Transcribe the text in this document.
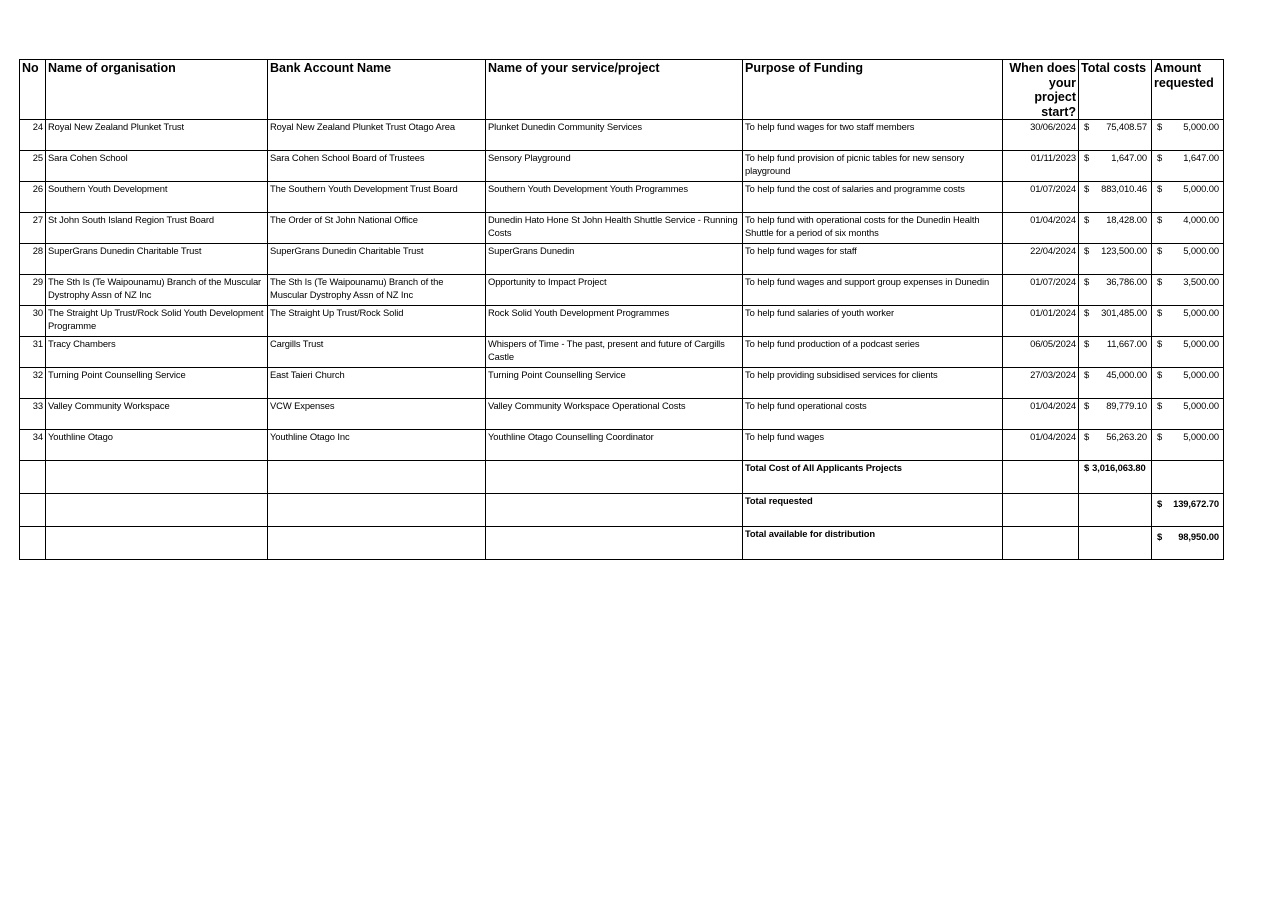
No	Name of organisation	Bank Account Name	Name of your service/project	Purpose of Funding	When does your project start?	Total costs	Amount requested
24	Royal New Zealand Plunket Trust	Royal New Zealand Plunket Trust Otago Area	Plunket Dunedin Community Services	To help fund wages for two staff members	30/06/2024	$ 75,408.57	$ 5,000.00

25	Sara Cohen School	Sara Cohen School Board of Trustees	Sensory Playground	To help fund provision of picnic tables for new sensory playground	01/11/2023	$ 1,647.00	$ 1,647.00

26	Southern Youth Development	The Southern Youth Development Trust Board	Southern Youth Development Youth Programmes	To help fund the cost of salaries and programme costs	01/07/2024	$ 883,010.46	$ 5,000.00

27	St John South Island Region Trust Board	The Order of St John National Office	Dunedin Hato Hone St John Health Shuttle Service - Running Costs	To help fund with operational costs for the Dunedin Health Shuttle for a period of six months	01/04/2024	$ 18,428.00	$ 4,000.00

28	SuperGrans Dunedin Charitable Trust	SuperGrans Dunedin Charitable Trust	SuperGrans Dunedin	To help fund wages for staff	22/04/2024	$ 123,500.00	$ 5,000.00

29	The Sth Is (Te Waipounamu) Branch of the Muscular Dystrophy Assn of NZ Inc	The Sth Is (Te Waipounamu) Branch of the Muscular Dystrophy Assn of NZ Inc	Opportunity to Impact Project	To help fund wages and support group expenses in Dunedin	01/07/2024	$ 36,786.00	$ 3,500.00

30	The Straight Up Trust/Rock Solid Youth Development Programme	The Straight Up Trust/Rock Solid	Rock Solid Youth Development Programmes	To help fund salaries of youth worker	01/01/2024	$ 301,485.00	$ 5,000.00

31	Tracy Chambers	Cargills Trust	Whispers of Time - The past, present and future of Cargills Castle	To help fund production of a podcast series	06/05/2024	$ 11,667.00	$ 5,000.00

32	Turning Point Counselling Service	East Taieri Church	Turning Point Counselling Service	To help providing subsidised services for clients	27/03/2024	$ 45,000.00	$ 5,000.00

33	Valley Community Workspace	VCW Expenses	Valley Community Workspace Operational Costs	To help fund operational costs	01/04/2024	$ 89,779.10	$ 5,000.00

34	Youthline Otago	Youthline Otago Inc	Youthline Otago Counselling Coordinator	To help fund wages	01/04/2024	$ 56,263.20	$ 5,000.00

				Total Cost of All Applicants Projects		$ 3,016,063.80	

				Total requested			$ 139,672.70

				Total available for distribution			$ 98,950.00
